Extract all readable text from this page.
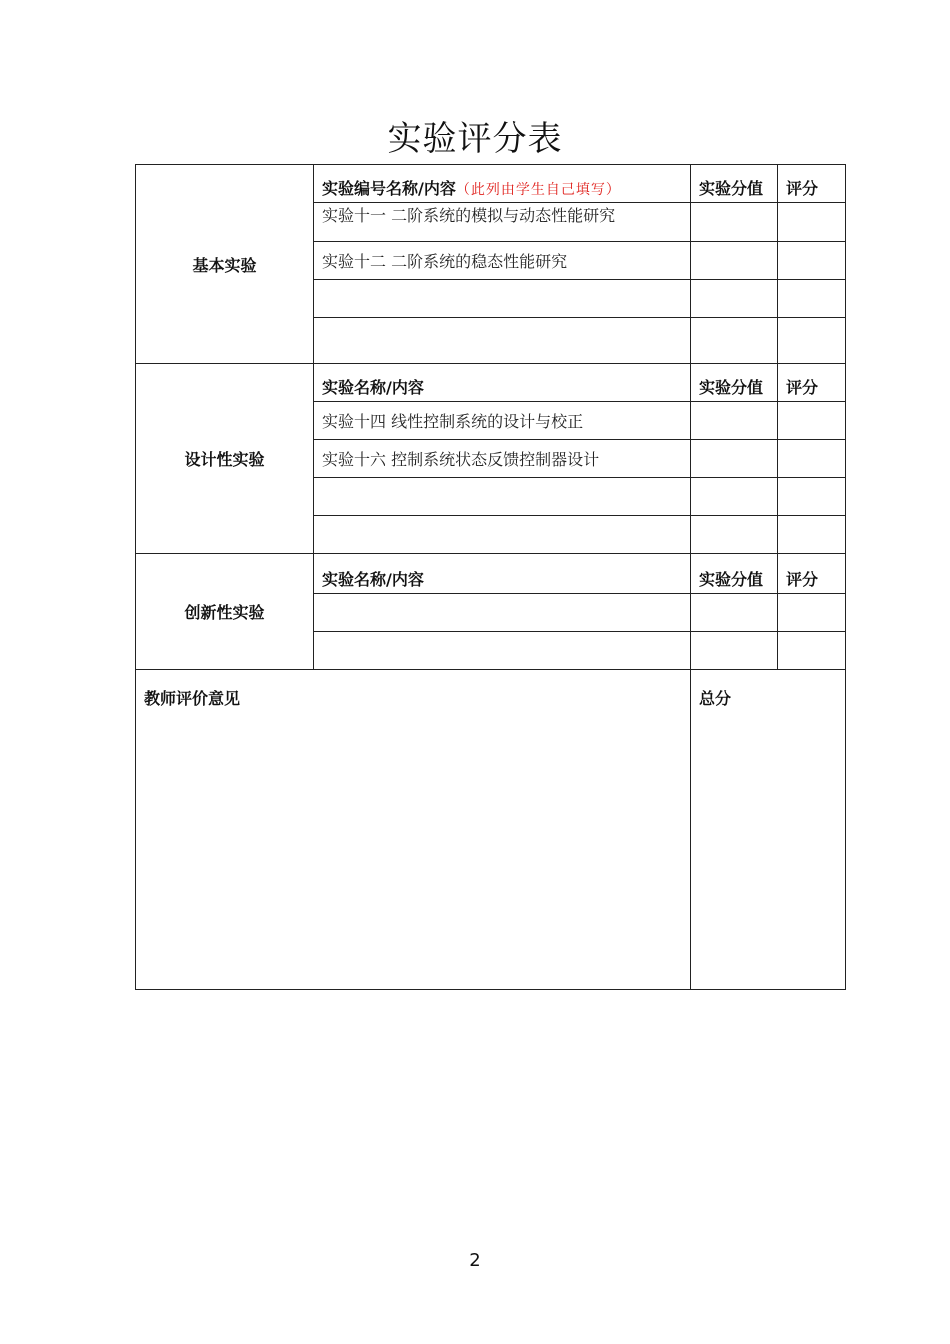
实验评分表
基本实验	实验编号名称/内容（此列由学生自己填写）	实验分值	评分
	实验十一 二阶系统的模拟与动态性能研究		
	实验十二 二阶系统的稳态性能研究		

设计性实验	实验名称/内容	实验分值	评分
	实验十四 线性控制系统的设计与校正		
	实验十六 控制系统状态反馈控制器设计		

创新性实验	实验名称/内容	实验分值	评分

教师评价意见		总分	
2
